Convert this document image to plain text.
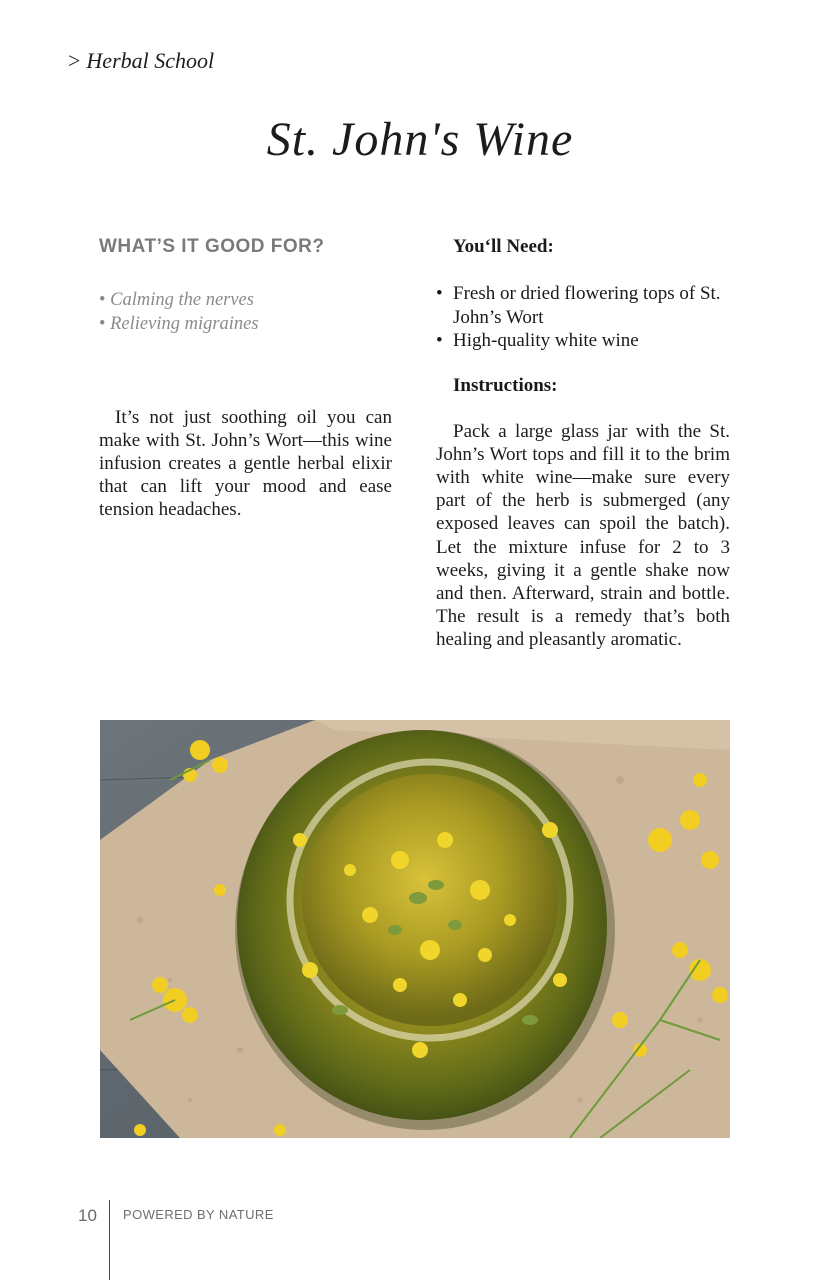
> Herbal School
St. John's Wine
WHAT’S IT GOOD FOR?
• Calming the nerves
• Relieving migraines

It’s not just soothing oil you can make with St. John’s Wort—this wine infusion creates a gentle herbal elixir that can lift your mood and ease tension headaches.

You‘ll Need:
• Fresh or dried flowering tops of St. John’s Wort
• High-quality white wine
Instructions:

Pack a large glass jar with the St. John’s Wort tops and fill it to the brim with white wine—make sure every part of the herb is submerged (any exposed leaves can spoil the batch). Let the mixture infuse for 2 to 3 weeks, giving it a gentle shake now and then. Afterward, strain and bottle. The result is a remedy that’s both healing and pleasantly aromatic.

10 POWERED BY NATURE
